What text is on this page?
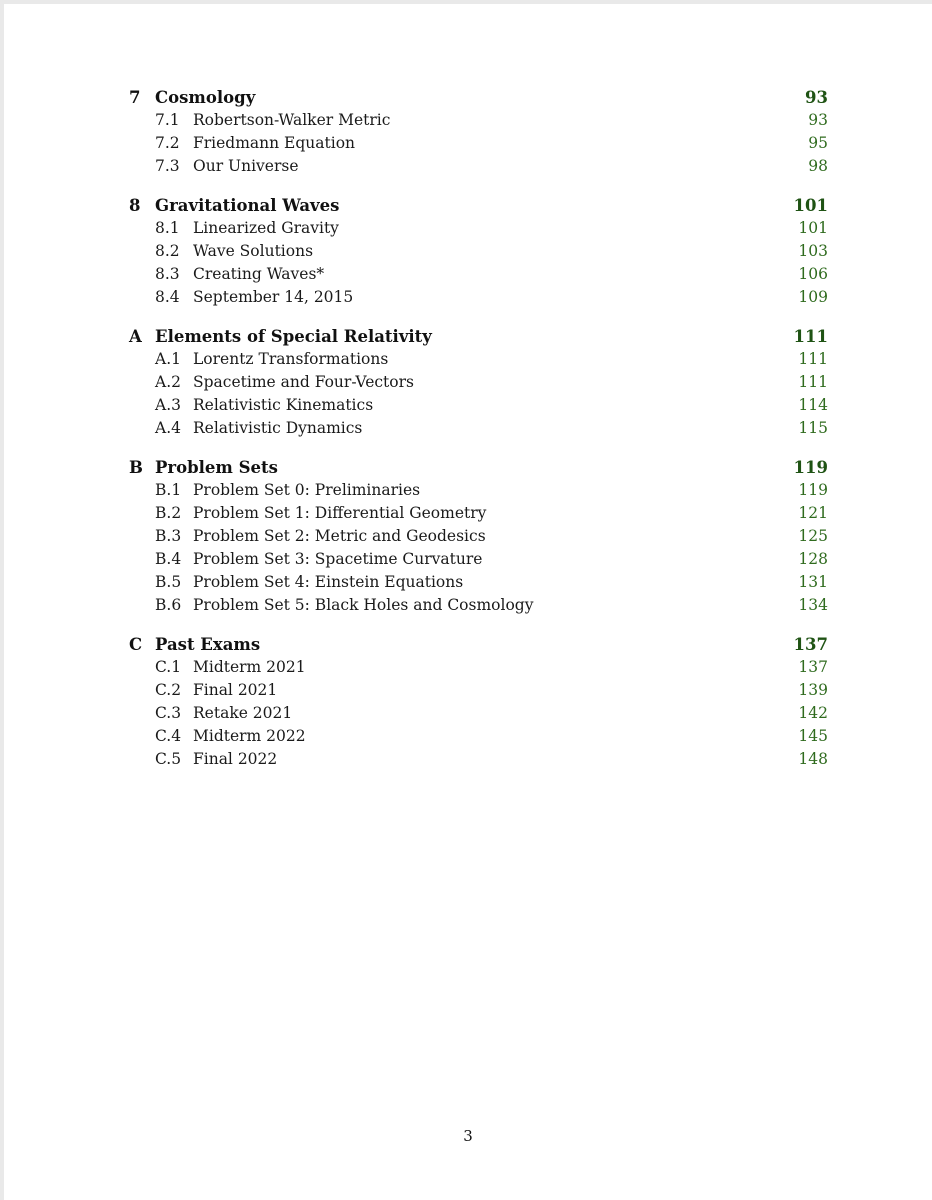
7 Cosmology	93
7.1 Robertson-Walker Metric	93
7.2 Friedmann Equation	95
7.3 Our Universe	98
8 Gravitational Waves	101
8.1 Linearized Gravity	101
8.2 Wave Solutions	103
8.3 Creating Waves*	106
8.4 September 14, 2015	109
A Elements of Special Relativity	111
A.1 Lorentz Transformations	111
A.2 Spacetime and Four-Vectors	111
A.3 Relativistic Kinematics	114
A.4 Relativistic Dynamics	115
B Problem Sets	119
B.1 Problem Set 0: Preliminaries	119
B.2 Problem Set 1: Differential Geometry	121
B.3 Problem Set 2: Metric and Geodesics	125
B.4 Problem Set 3: Spacetime Curvature	128
B.5 Problem Set 4: Einstein Equations	131
B.6 Problem Set 5: Black Holes and Cosmology	134
C Past Exams	137
C.1 Midterm 2021	137
C.2 Final 2021	139
C.3 Retake 2021	142
C.4 Midterm 2022	145
C.5 Final 2022	148
3
